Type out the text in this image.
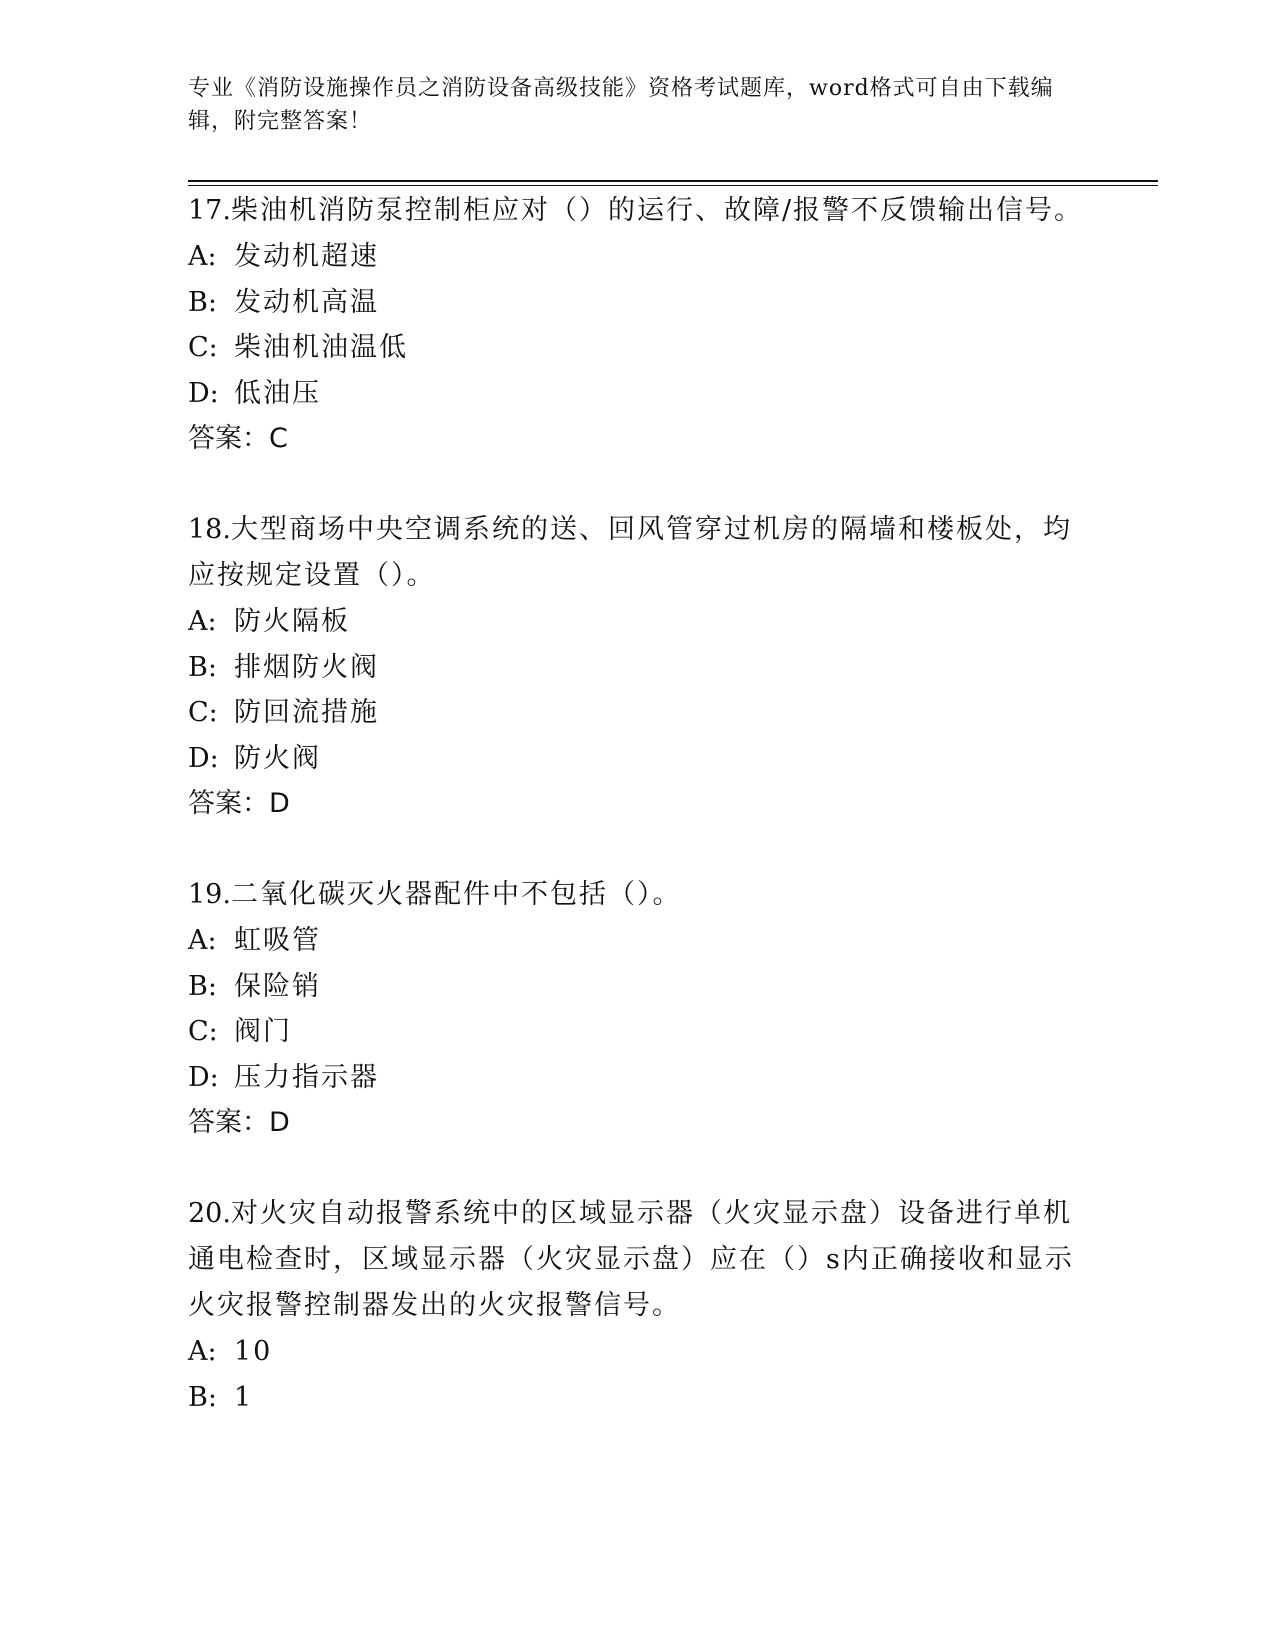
专业《消防设施操作员之消防设备高级技能》资格考试题库，word格式可自由下载编辑，附完整答案！
17.柴油机消防泵控制柜应对（）的运行、故障/报警不反馈输出信号。
A: 发动机超速
B: 发动机高温
C: 柴油机油温低
D: 低油压
答案：C
18.大型商场中央空调系统的送、回风管穿过机房的隔墙和楼板处，均应按规定设置（）。
A: 防火隔板
B: 排烟防火阀
C: 防回流措施
D: 防火阀
答案：D
19.二氧化碳灭火器配件中不包括（）。
A: 虹吸管
B: 保险销
C: 阀门
D: 压力指示器
答案：D
20.对火灾自动报警系统中的区域显示器（火灾显示盘）设备进行单机通电检查时，区域显示器（火灾显示盘）应在（）s内正确接收和显示火灾报警控制器发出的火灾报警信号。
A: 10
B: 1
